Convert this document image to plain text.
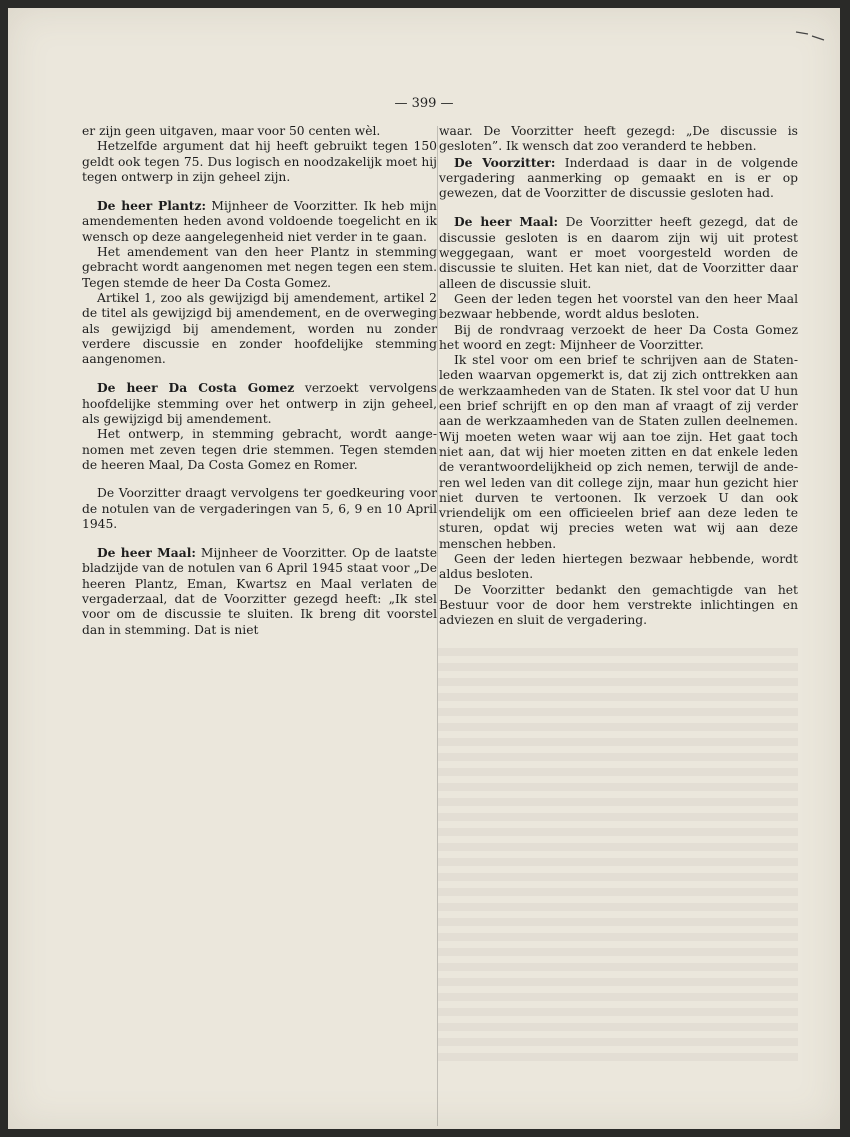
— 399 —

er zijn geen uitgaven, maar voor 50 centen wèl.

Hetzelfde argument dat hij heeft gebruikt tegen 150 geldt ook tegen 75. Dus logisch en noodzakelijk moet hij tegen ontwerp in zijn geheel zijn.

De heer Plantz: Mijnheer de Voorzitter. Ik heb mijn amendementen heden avond voldoende toegelicht en ik wensch op deze aangelegenheid niet verder in te gaan.

Het amendement van den heer Plantz in stemming gebracht wordt aangenomen met negen tegen een stem. Tegen stemde de heer Da Costa Gomez.

Artikel 1, zoo als gewijzigd bij amendement, artikel 2 de titel als gewijzigd bij amendement, en de overweging als gewijzigd bij amendement, worden nu zonder verdere discussie en zonder hoofdelijke stemming aangenomen.

De heer Da Costa Gomez verzoekt vervolgens hoofdelijke stemming over het ontwerp in zijn geheel, als gewijzigd bij amendement.

Het ontwerp, in stemming gebracht, wordt aangenomen met zeven tegen drie stemmen. Tegen stemden de heeren Maal, Da Costa Gomez en Romer.

De Voorzitter draagt vervolgens ter goedkeuring voor de notulen van de vergaderingen van 5, 6, 9 en 10 April 1945.

De heer Maal: Mijnheer de Voorzitter. Op de laatste bladzijde van de notulen van 6 April 1945 staat voor „De heeren Plantz, Eman, Kwartsz en Maal verlaten de vergaderzaal, dat de Voorzitter gezegd heeft: „Ik stel voor om de discussie te sluiten. Ik breng dit voorstel dan in stemming. Dat is niet

waar. De Voorzitter heeft gezegd: „De discussie is gesloten”. Ik wensch dat zoo veranderd te hebben.

De Voorzitter: Inderdaad is daar in de volgende vergadering aanmerking op gemaakt en is er op gewezen, dat de Voorzitter de discussie gesloten had.

De heer Maal: De Voorzitter heeft gezegd, dat de discussie gesloten is en daarom zijn wij uit protest weggegaan, want er moet voorgesteld worden de discussie te sluiten. Het kan niet, dat de Voorzitter daar alleen de discussie sluit.

Geen der leden tegen het voorstel van den heer Maal bezwaar hebbende, wordt aldus besloten.

Bij de rondvraag verzoekt de heer Da Costa Gomez het woord en zegt: Mijnheer de Voorzitter.

Ik stel voor om een brief te schrijven aan de Staten-leden waarvan opgemerkt is, dat zij zich onttrekken aan de werkzaamheden van de Staten. Ik stel voor dat U hun een brief schrijft en op den man af vraagt of zij verder aan de werkzaamheden van de Staten zullen deelnemen. Wij moeten weten waar wij aan toe zijn. Het gaat toch niet aan, dat wij hier moeten zitten en dat enkele leden de verantwoordelijkheid op zich nemen, terwijl de anderen wel leden van dit college zijn, maar hun gezicht hier niet durven te vertoonen. Ik verzoek U dan ook vriendelijk om een officieelen brief aan deze leden te sturen, opdat wij precies weten wat wij aan deze menschen hebben.

Geen der leden hiertegen bezwaar hebbende, wordt aldus besloten.

De Voorzitter bedankt den gemachtigde van het Bestuur voor de door hem verstrekte inlichtingen en adviezen en sluit de vergadering.
